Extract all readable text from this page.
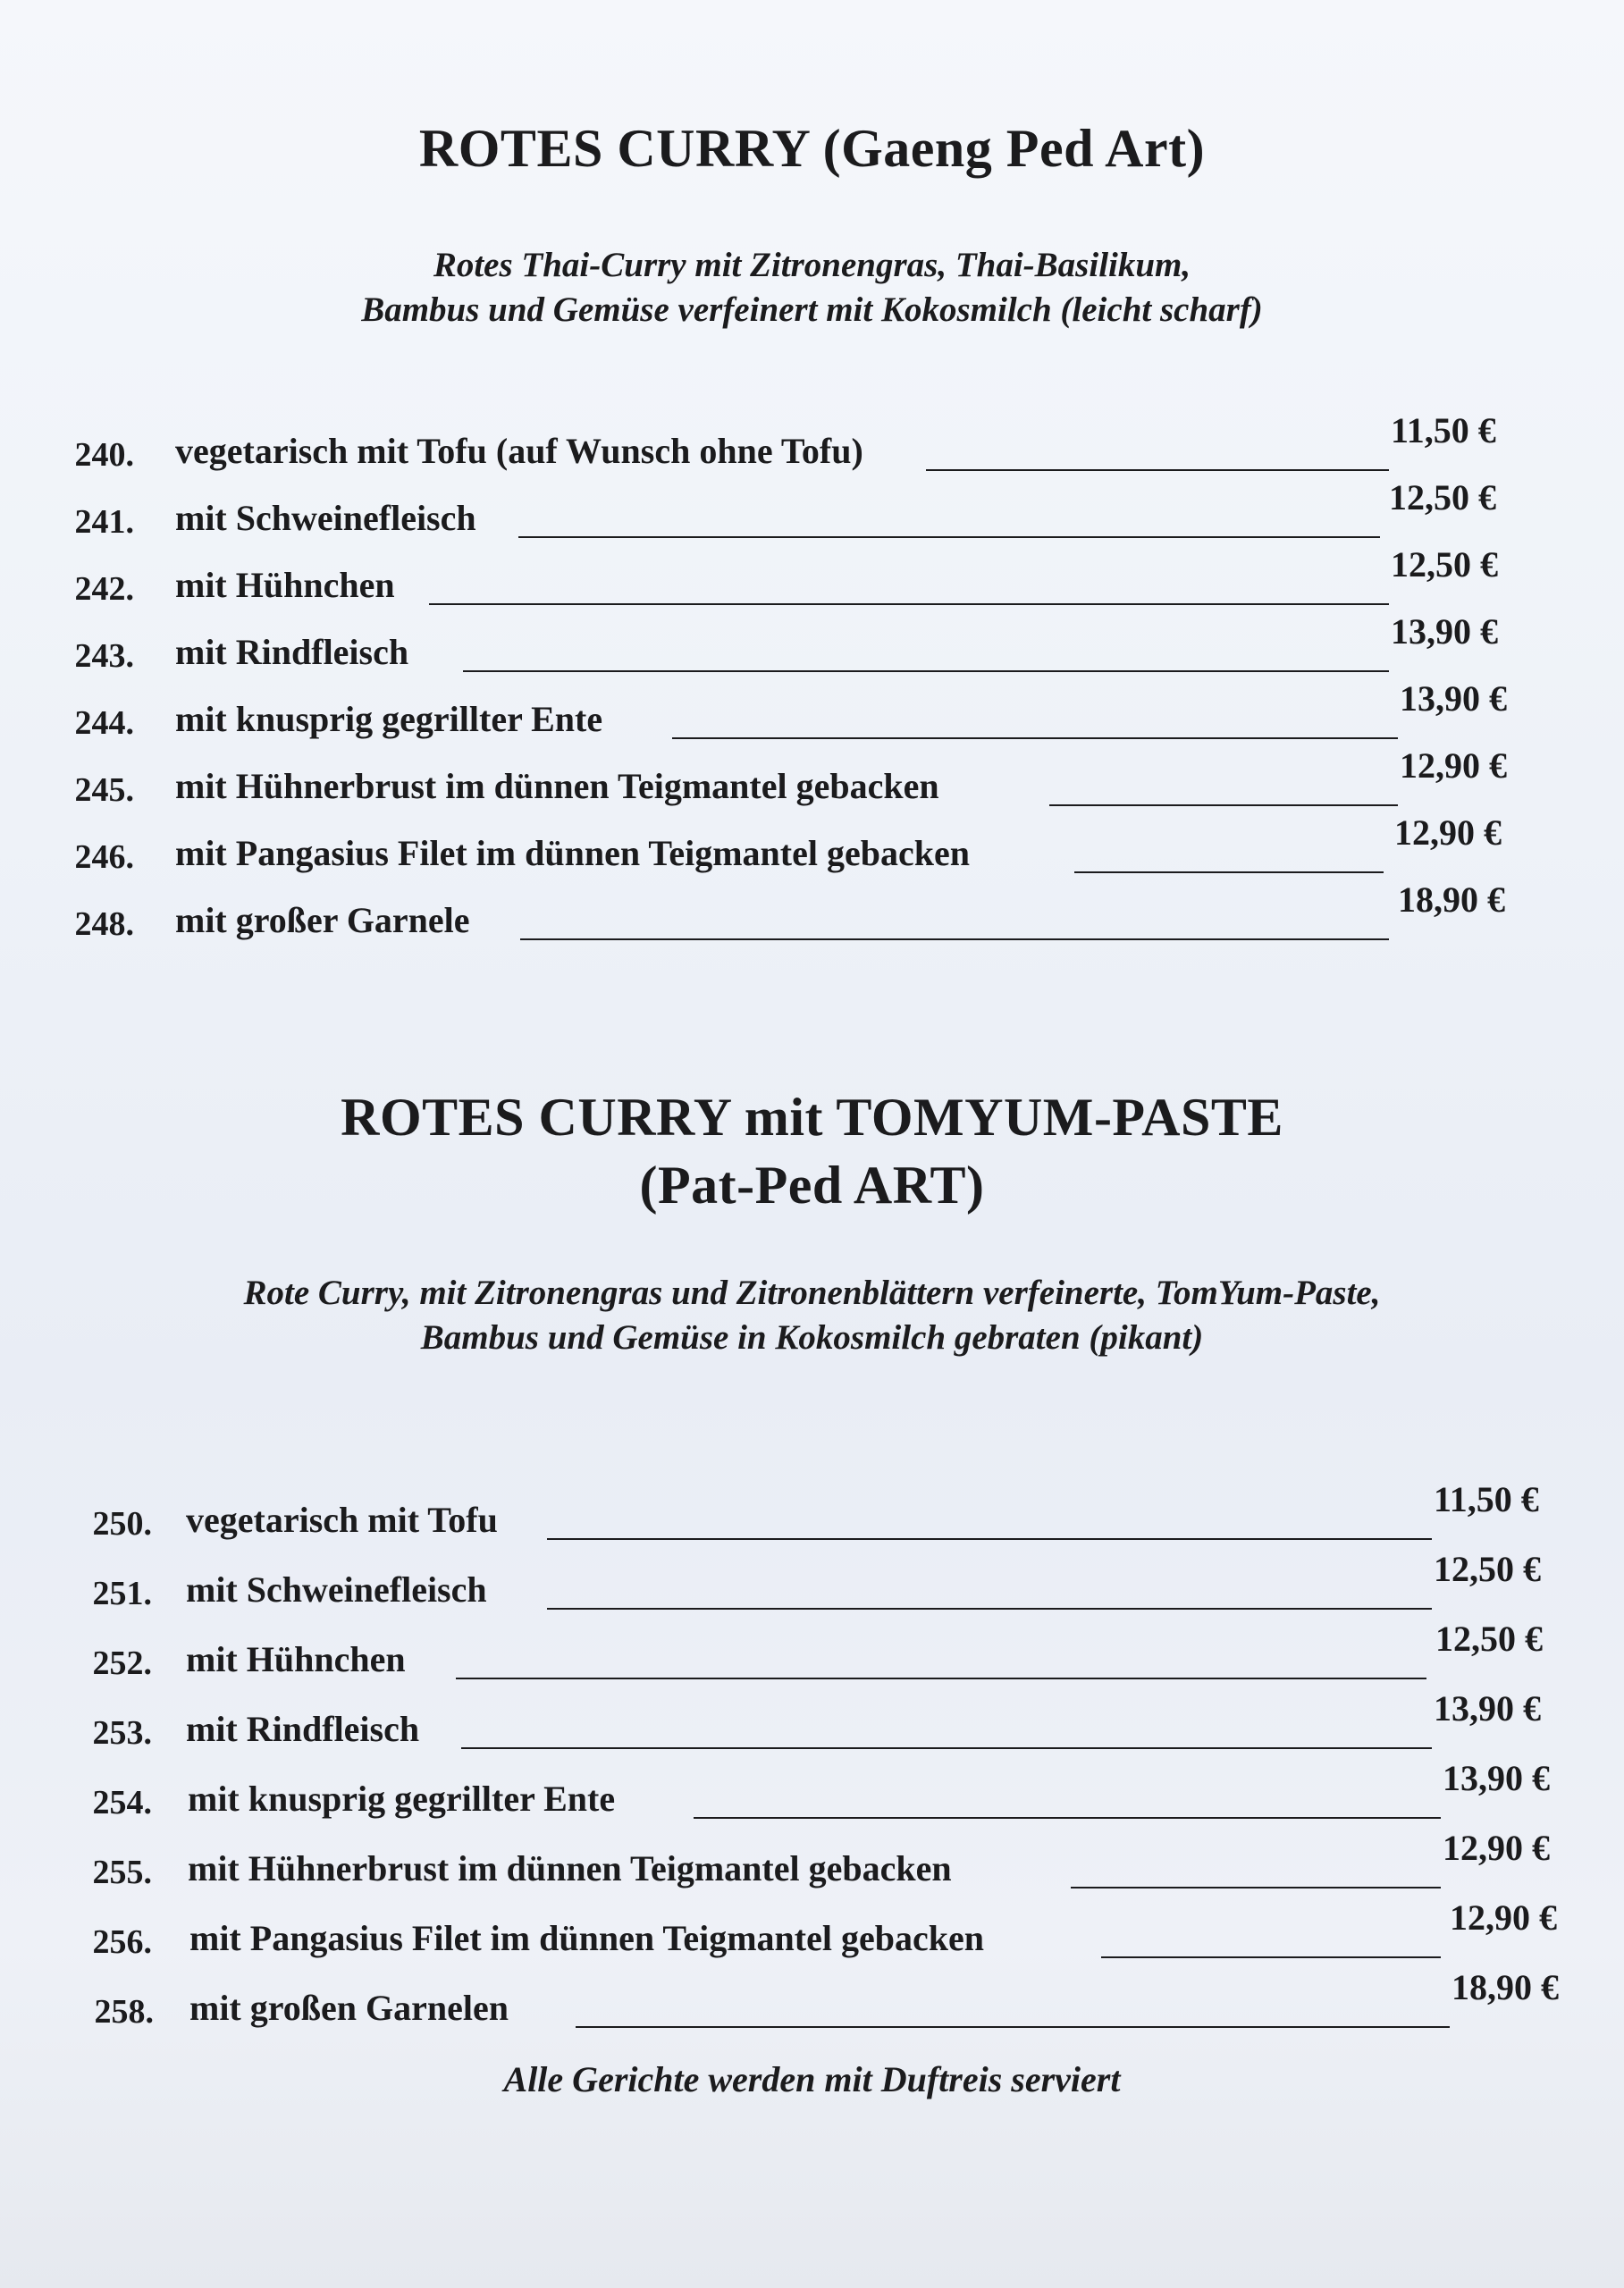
ROTES CURRY (Gaeng Ped Art)

Rotes Thai-Curry mit Zitronengras, Thai-Basilikum,

Bambus und Gemüse verfeinert mit Kokosmilch (leicht scharf)

240. vegetarisch mit Tofu (auf Wunsch ohne Tofu)
11,50 €
241. mit Schweinefleisch
12,50 €
242. mit Hühnchen
12,50 €
243. mit Rindfleisch
13,90 €
244. mit knusprig gegrillter Ente
13,90 €
245. mit Hühnerbrust im dünnen Teigmantel gebacken
12,90 €
246. mit Pangasius Filet im dünnen Teigmantel gebacken
12,90 €
248. mit großer Garnele
18,90 €
ROTES CURRY mit TOMYUM-PASTE
(Pat-Ped ART)

Rote Curry, mit Zitronengras und Zitronenblättern verfeinerte, TomYum-Paste,

Bambus und Gemüse in Kokosmilch gebraten (pikant)

250. vegetarisch mit Tofu
11,50 €
251. mit Schweinefleisch
12,50 €
252. mit Hühnchen
12,50 €
253. mit Rindfleisch
13,90 €
254. mit knusprig gegrillter Ente
13,90 €
255. mit Hühnerbrust im dünnen Teigmantel gebacken
12,90 €
256. mit Pangasius Filet im dünnen Teigmantel gebacken
12,90 €
258. mit großen Garnelen
18,90 €
Alle Gerichte werden mit Duftreis serviert
